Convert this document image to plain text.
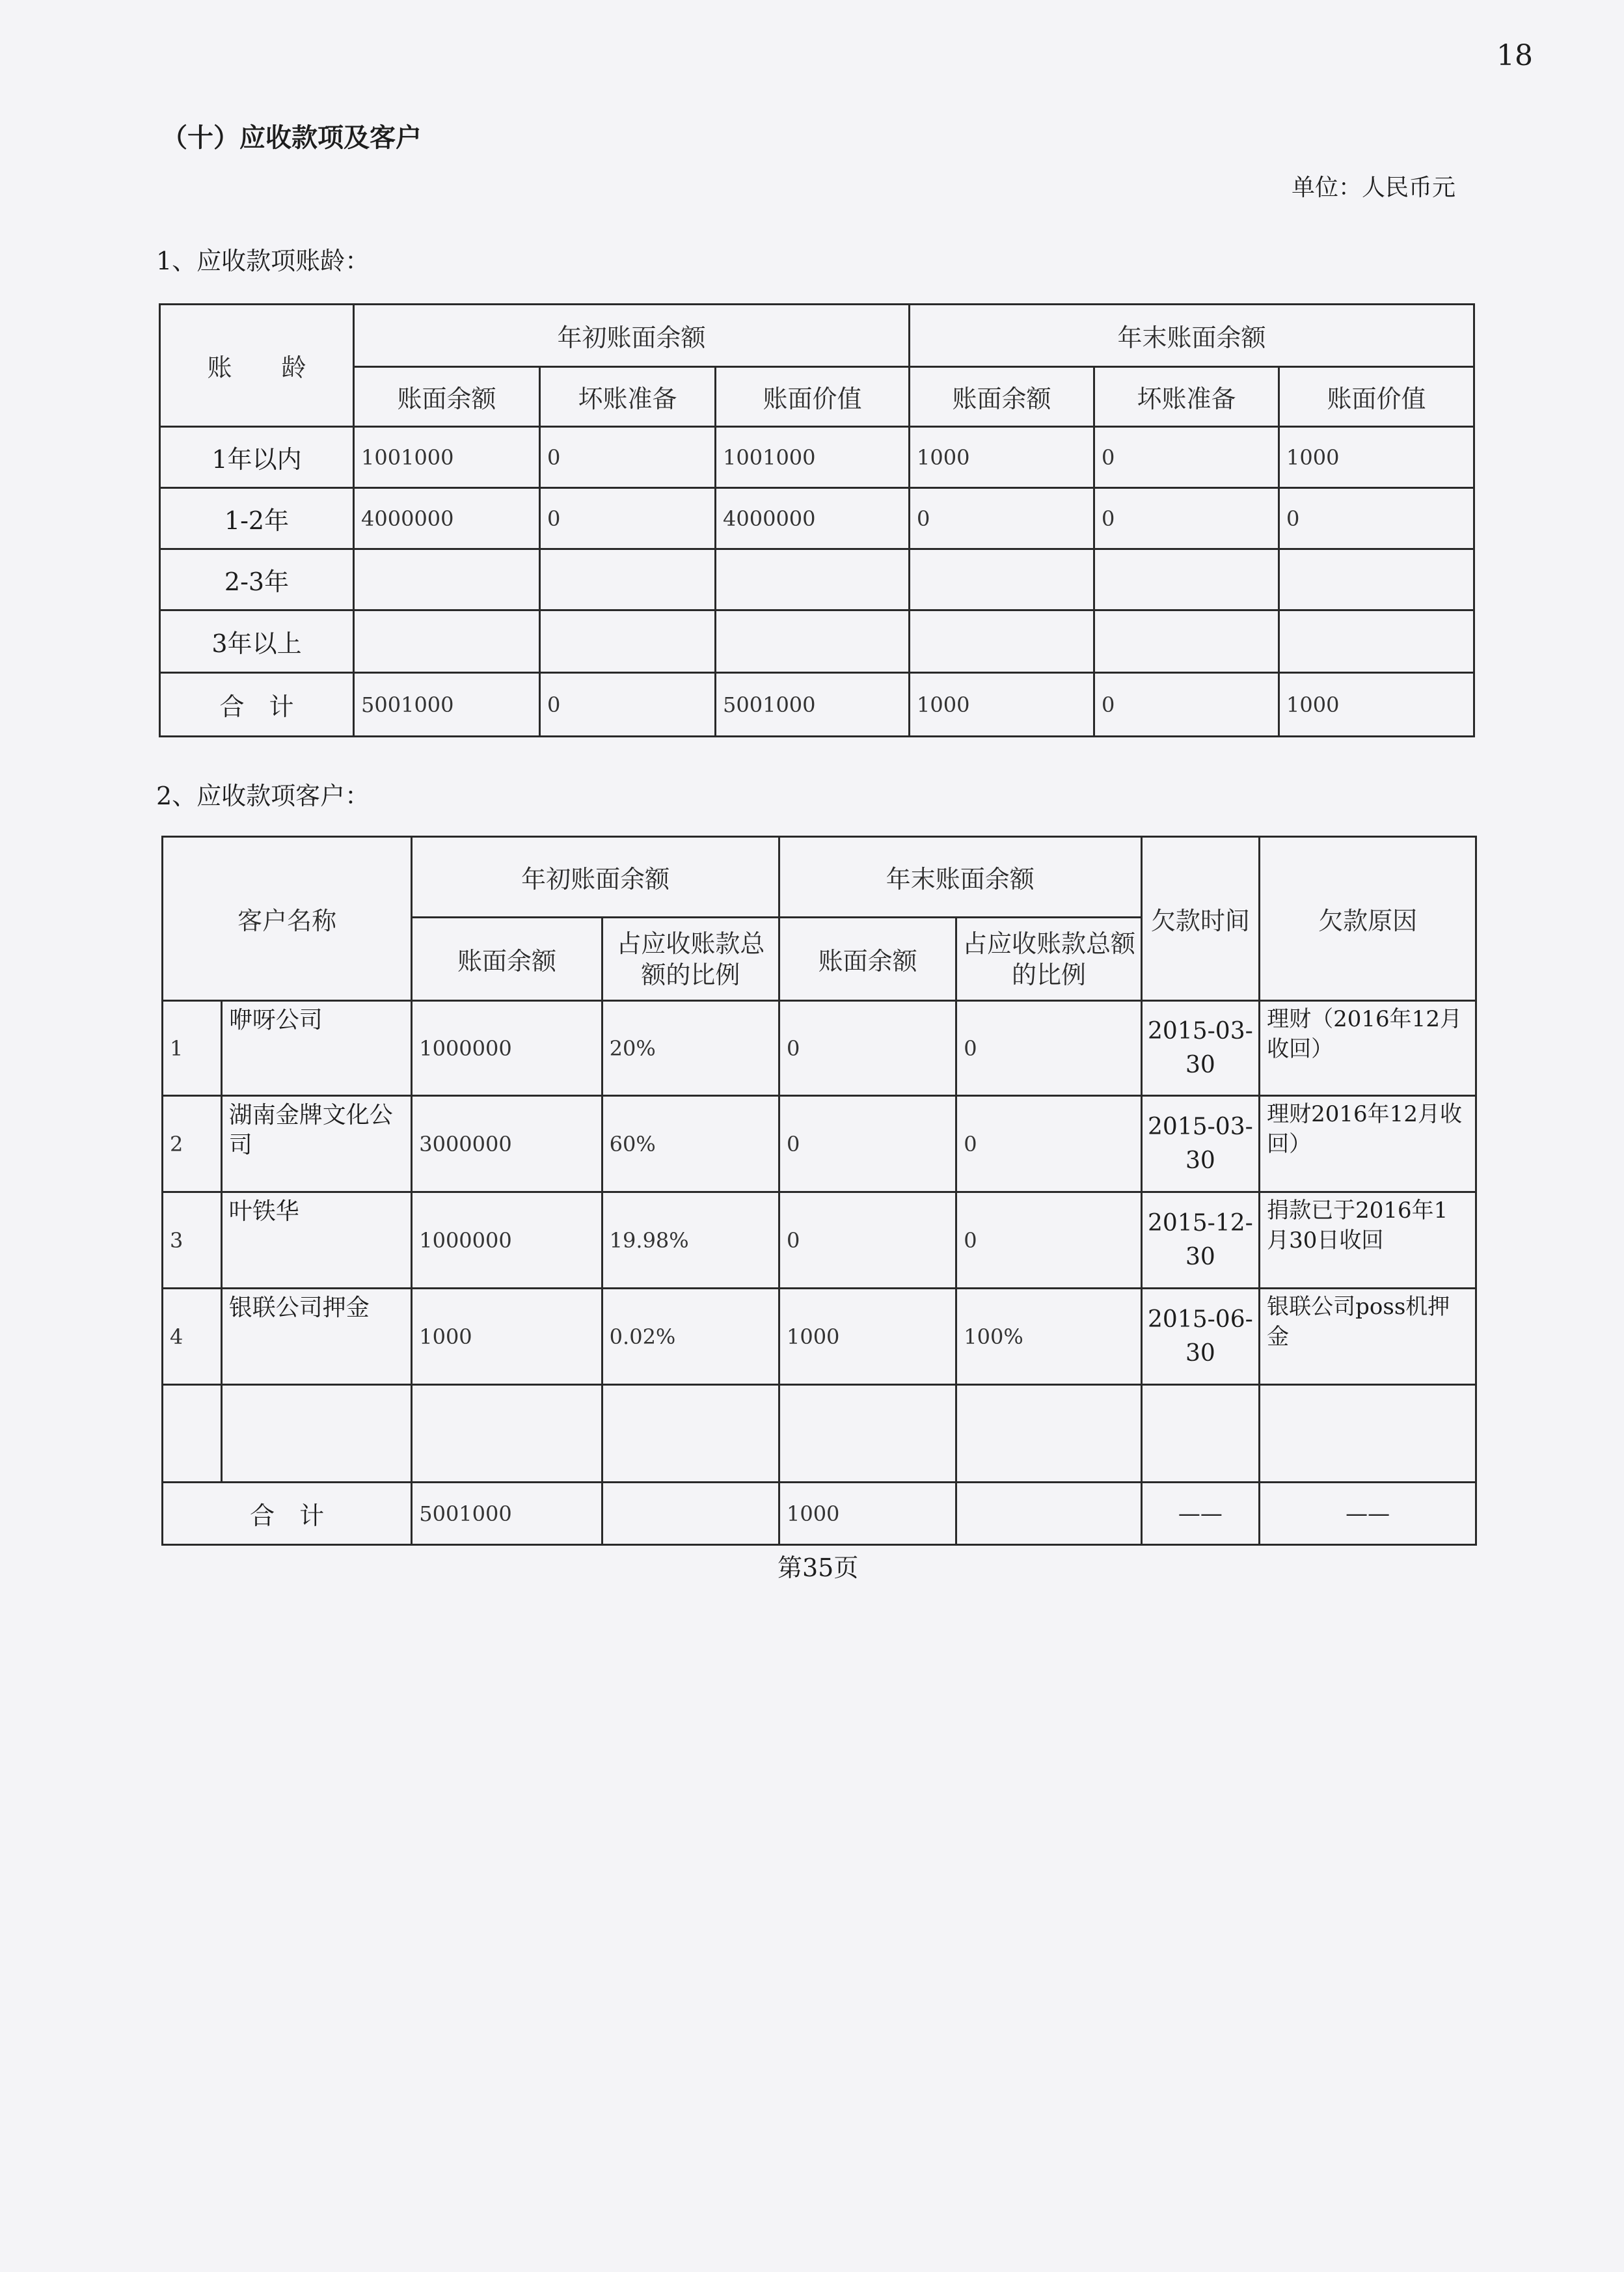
18
（十）应收款项及客户
单位：人民币元
1、应收款项账龄：
账　　龄	年初账面余额			年末账面余额		
	账面余额	坏账准备	账面价值	账面余额	坏账准备	账面价值
1年以内	1001000	0	1001000	1000	0	1000
1-2年	4000000	0	4000000	0	0	0
2-3年						
3年以上						
合　计	5001000	0	5001000	1000	0	1000
2、应收款项客户：
客户名称		年初账面余额		年末账面余额		欠款时间	欠款原因
		账面余额	占应收账款总额的比例	账面余额	占应收账款总额的比例		
1	咿呀公司	1000000	20%	0	0	2015-03-30	理财（2016年12月收回）
2	湖南金牌文化公司	3000000	60%	0	0	2015-03-30	理财2016年12月收回）
3	叶铁华	1000000	19.98%	0	0	2015-12-30	捐款已于2016年1月30日收回
4	银联公司押金	1000	0.02%	1000	100%	2015-06-30	银联公司poss机押金

合　计		5001000		1000		——	——
第35页
